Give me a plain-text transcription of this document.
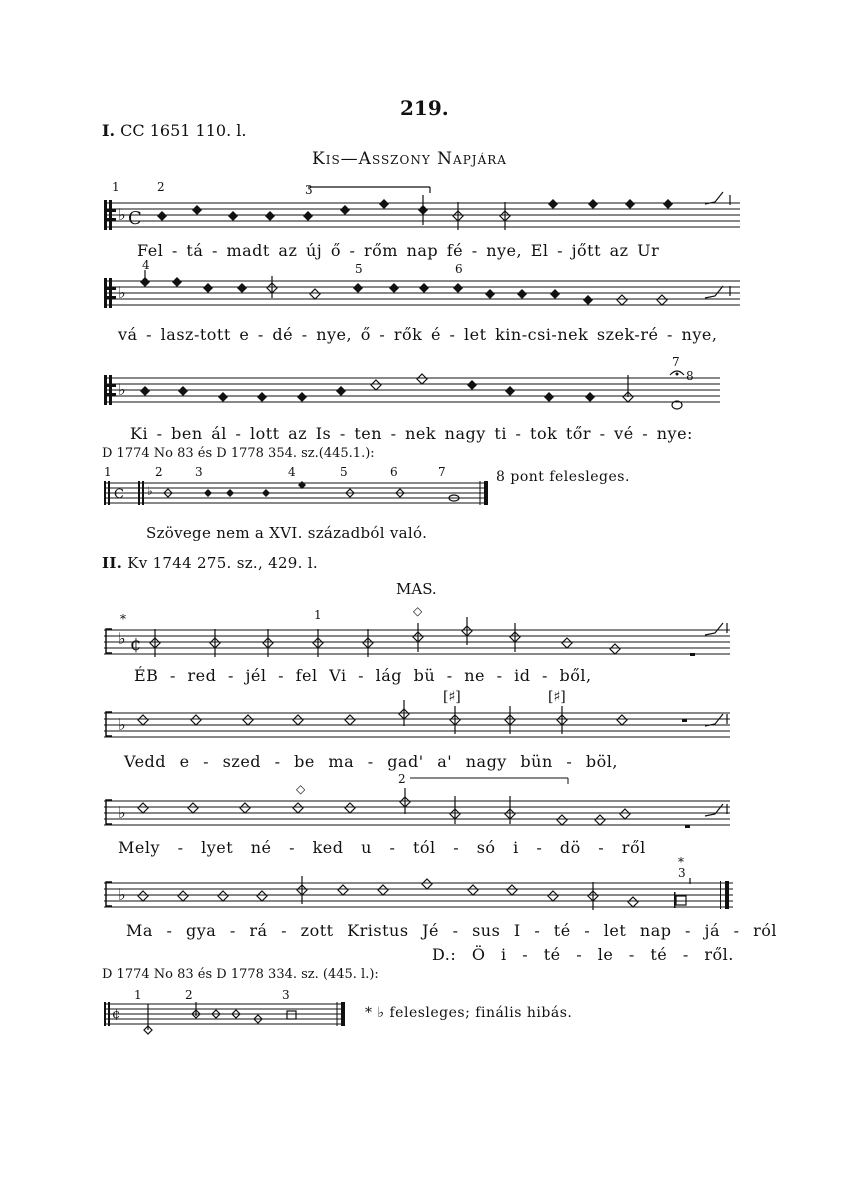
219.
I. CC 1651 110. l.
Kis—Asszony Napjára
1	2	3
4	5	6
7
8
♭ C
Fel - tá - madt az új ő - rőm nap fé - nye, El - jőtt az Ur
♭
vá - lasz-tott e - dé - nye, ő - rők é - let kin-csi-nek szek-ré - nye,
♭
Ki - ben ál - lott az Is - ten - nek nagy ti - tok tőr - vé - nye:
D 1774 No 83 és D 1778 354. sz.(445.1.):
1	2	3	4	5	6	7
C ♭
8 pont felesleges.
Szövege nem a XVI. századból való.
II. Kv 1744 275. sz., 429. l.
MAS.
*	1	◇
♭ ¢
ÉB - red - jél - fel Vi - lág bü - ne - id - ből,
[♯]	[♯]
♭
Vedd e - szed - be ma - gad' a' nagy bün - böl,
2
◇
♭
Mely - lyet né - ked u - tól - só i - dö - ről
*
3
♭
Ma - gya - rá - zott Kristus Jé - sus I - té - let nap - já - ról
D.: Ö i - té - le - té - ről.
D 1774 No 83 és D 1778 334. sz. (445. l.):
1	2	3
¢	* ♭ felesleges; finális hibás.
